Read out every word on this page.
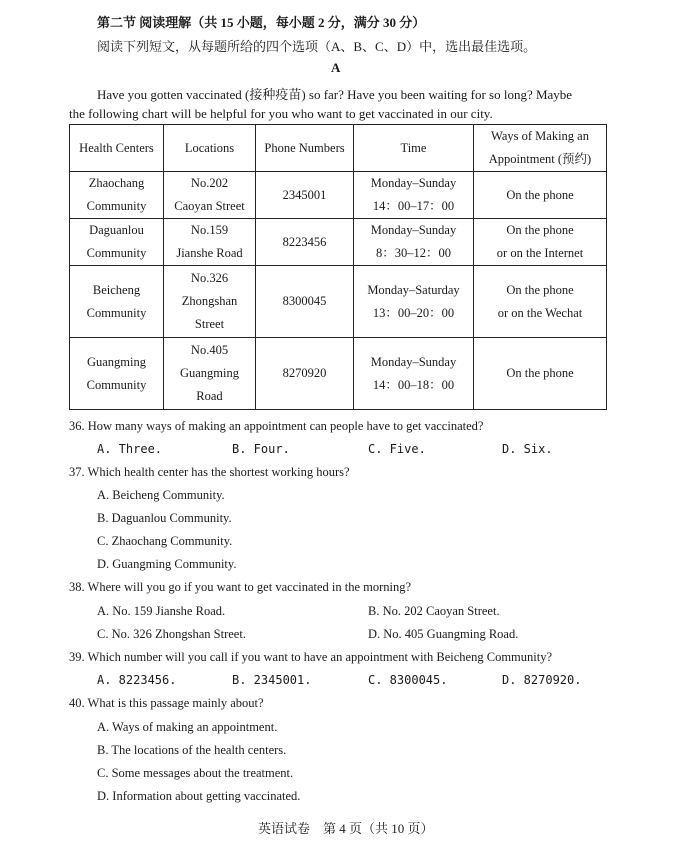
第二节 阅读理解（共 15 小题，每小题 2 分，满分 30 分）
阅读下列短文，从每题所给的四个选项（A、B、C、D）中，选出最佳选项。
A
Have you gotten vaccinated (接种疫苗) so far? Have you been waiting for so long? Maybe
the following chart will be helpful for you who want to get vaccinated in our city.
Health Centers	Locations	Phone Numbers	Time	Ways of Making an
Appointment (预约)

Zhaochang
Community	No.202
Caoyan Street	2345001	Monday–Sunday
14：00–17：00	On the phone

Daguanlou
Community	No.159
Jianshe Road	8223456	Monday–Sunday
8：30–12：00	On the phone
or on the Internet

Beicheng
Community	No.326
Zhongshan
Street	8300045	Monday–Saturday
13：00–20：00	On the phone
or on the Wechat

Guangming
Community	No.405
Guangming
Road	8270920	Monday–Sunday
14：00–18：00	On the phone
36. How many ways of making an appointment can people have to get vaccinated?
A. Three.	B. Four.	C. Five.	D. Six.
37. Which health center has the shortest working hours?
A. Beicheng Community.
B. Daguanlou Community.
C. Zhaochang Community.
D. Guangming Community.
38. Where will you go if you want to get vaccinated in the morning?
A. No. 159 Jianshe Road.	B. No. 202 Caoyan Street.
C. No. 326 Zhongshan Street.	D. No. 405 Guangming Road.
39. Which number will you call if you want to have an appointment with Beicheng Community?
A. 8223456.	B. 2345001.	C. 8300045.	D. 8270920.
40. What is this passage mainly about?
A. Ways of making an appointment.
B. The locations of the health centers.
C. Some messages about the treatment.
D. Information about getting vaccinated.
英语试卷　第 4 页（共 10 页）
